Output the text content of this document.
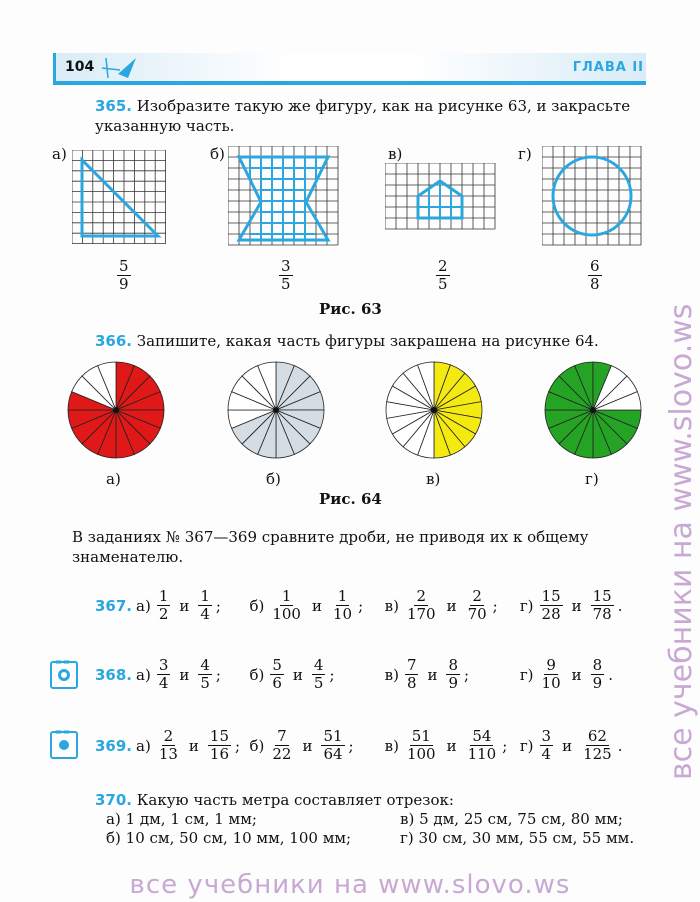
104	ГЛАВА II
365. Изобразите такую же фигуру, как на рисунке 63, и закрасьте
указанную часть.
а)	б)	в)	г)
$\frac{5}{9}$	$\frac{3}{5}$	$\frac{2}{5}$	$\frac{6}{8}$
Рис. 63
366. Запишите, какая часть фигуры закрашена на рисунке 64.
а)	б)	в)	г)
Рис. 64
В заданиях № 367—369 сравните дроби, не приводя их к общему
знаменателю.
367. $а) \frac{1}{2}$ и $\frac{1}{4}$ ; $б) \frac{1}{100}$ и $\frac{1}{10}$ ; $в) \frac{2}{170}$ и $\frac{2}{70}$ ; $г) \frac{15}{28}$ и $\frac{15}{78}$ .
ꝏꝏ
368. $а) \frac{3}{4}$ и $\frac{4}{5}$ ; $б) \frac{5}{6}$ и $\frac{4}{5}$ ;	$в) \frac{7}{8}$ и $\frac{8}{9}$ ;	$г) \frac{9}{10}$ и $\frac{8}{9}$ .
ꝏꝏ
369. $а) \frac{2}{13}$ и $\frac{15}{16}$ ; $б) \frac{7}{22}$ и $\frac{51}{64}$ ; $в) \frac{51}{100}$ и $\frac{54}{110}$ ; $г) \frac{3}{4}$ и $\frac{62}{125}$ .
370. Какую часть метра составляет отрезок:
а) 1 дм, 1 см, 1 мм;
б) 10 см, 50 см, 10 мм, 100 мм;
в) 5 дм, 25 см, 75 см, 80 мм;
г) 30 см, 30 мм, 55 см, 55 мм.
все учебники на www.slovo.ws
все учебники на www.slovo.ws
